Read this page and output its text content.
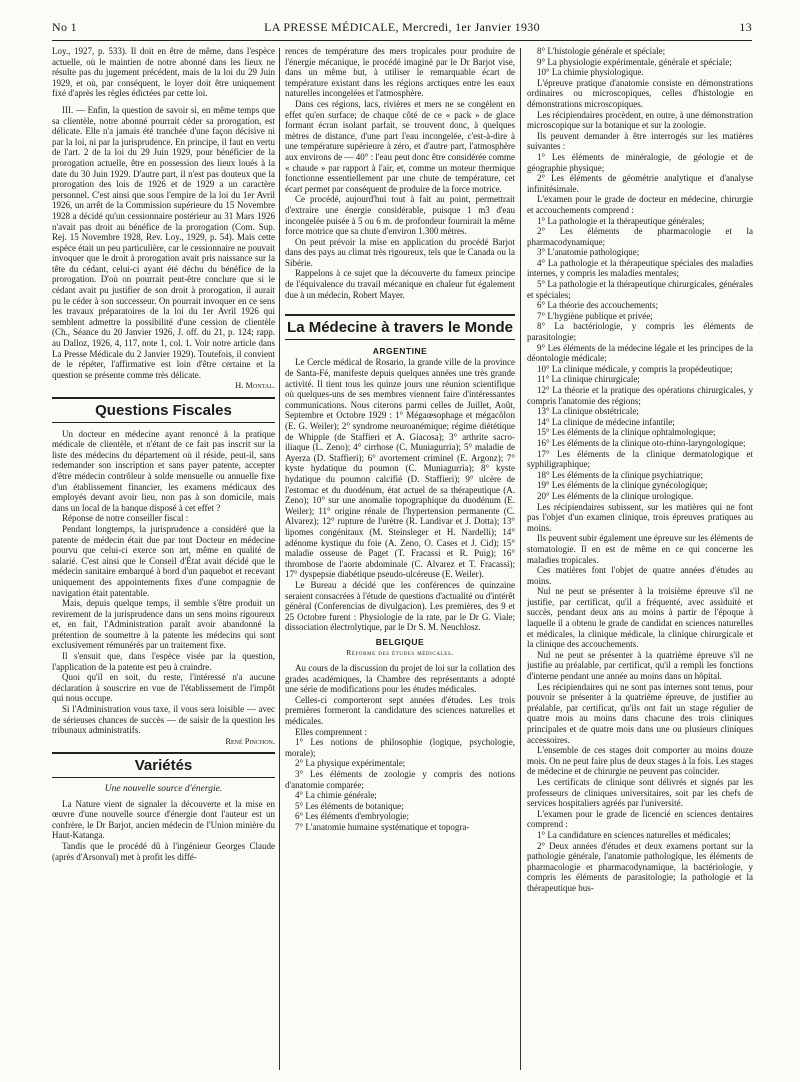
No 1	LA PRESSE MÉDICALE, Mercredi, 1er Janvier 1930	13

Loy., 1927, p. 533). Il doit en être de même, dans l'espèce actuelle, où le maintien de notre abonné dans les lieux ne résulte pas du jugement précédent, mais de la loi du 29 Juin 1929, et où, par conséquent, le loyer doit être uniquement fixé d'après les règles édictées par cette loi.

III. — Enfin, la question de savoir si, en même temps que sa clientèle, notre abonné pourrait céder sa prorogation, est délicate. Elle n'a jamais été tranchée d'une façon décisive ni par la loi, ni par la jurisprudence. En principe, il faut en vertu de l'art. 2 de la loi du 29 Juin 1929, pour bénéficier de la prorogation actuelle, être en possession des lieux loués à la date du 30 Juin 1929. D'autre part, il n'est pas douteux que la prorogation des lois de 1926 et de 1929 a un caractère personnel. C'est ainsi que sous l'empire de la loi du 1er Avril 1926, un arrêt de la Commission supérieure du 15 Novembre 1928 a décidé qu'un cessionnaire postérieur au 31 Mars 1926 n'avait pas droit au bénéfice de la prorogation (Com. Sup. Rej. 15 Novembre 1928, Rev. Loy., 1929, p. 54). Mais cette espèce était un peu particulière, car le cessionnaire ne pouvait invoquer que le droit à prorogation avait pris naissance sur la tête du cédant, celui-ci ayant été déchu du bénéfice de la prorogation. D'où on pourrait peut-être conclure que si le cédant avait pu justifier de son droit à prorogation, il aurait pu le céder à son successeur. On pourrait invoquer en ce sens les travaux préparatoires de la loi du 1er Avril 1926 qui semblent admettre la possibilité d'une cession de clientèle (Ch., Séance du 20 Janvier 1926, J. off. du 21, p. 124; rapp. au Dalloz, 1926, 4, 117, note 1, col. 1. Voir notre article dans La Presse Médicale du 2 Janvier 1929). Toutefois, il convient de le répéter, l'affirmative est loin d'être certaine et la question se présente comme très délicate.

H. Montal.

Questions Fiscales

Un docteur en médecine ayant renoncé à la pratique médicale de clientèle, et n'étant de ce fait pas inscrit sur la liste des médecins du département où il réside, peut-il, sans redemander son inscription et sans payer patente, accepter d'être médecin contrôleur à solde mensuelle ou annuelle fixe d'un établissement financier, les examens médicaux des employés devant avoir lieu, non pas à son domicile, mais dans un local de la banque disposé à cet effet ?

Réponse de notre conseiller fiscal :

Pendant longtemps, la jurisprudence a considéré que la patente de médecin était due par tout Docteur en médecine pourvu que celui-ci exerce son art, même en qualité de salarié. C'est ainsi que le Conseil d'État avait décidé que le médecin sanitaire embarqué à bord d'un paquebot et recevant uniquement des appointements fixes d'une compagnie de navigation était patentable.

Mais, depuis quelque temps, il semble s'être produit un revirement de la jurisprudence dans un sens moins rigoureux et, en fait, l'Administration paraît avoir abandonné la prétention de soumettre à la patente les médecins qui sont exclusivement rémunérés par un traitement fixe.

Il s'ensuit que, dans l'espèce visée par la question, l'application de la patente est peu à craindre.

Quoi qu'il en soit, du reste, l'intéressé n'a aucune déclaration à souscrire en vue de l'établissement de l'impôt qui nous occupe.

Si l'Administration vous taxe, il vous sera loisible — avec de sérieuses chances de succès — de saisir de la question les tribunaux administratifs.

René Pinchon.

Variétés
Une nouvelle source d'énergie.

La Nature vient de signaler la découverte et la mise en œuvre d'une nouvelle source d'énergie dont l'auteur est un confrère, le Dr Barjot, ancien médecin de l'Union minière du Haut-Katanga.

Tandis que le procédé dû à l'ingénieur Georges Claude (après d'Arsonval) met à profit les diffé-

rences de température des mers tropicales pour produire de l'énergie mécanique, le procédé imaginé par le Dr Barjot vise, dans un même but, à utiliser le remarquable écart de température existant dans les régions arctiques entre les eaux naturelles incongelées et l'atmosphère.

Dans ces régions, lacs, rivières et mers ne se congèlent en effet qu'en surface; de chaque côté de ce « pack » de glace formant écran isolant parfait, se trouvent donc, à quelques mètres de distance, d'une part l'eau incongelée, c'est-à-dire à une température supérieure à zéro, et d'autre part, l'atmosphère aux environs de — 40° : l'eau peut donc être considérée comme « chaude » par rapport à l'air, et, comme un moteur thermique fonctionne essentiellement par une chute de température, cet écart permet par conséquent de produire de la force motrice.

Ce procédé, aujourd'hui tout à fait au point, permettrait d'extraire une énergie considérable, puisque 1 m3 d'eau incongelée puisée à 5 ou 6 m. de profondeur fournirait la même force motrice que sa chute d'environ 1.300 mètres.

On peut prévoir la mise en application du procédé Barjot dans des pays au climat très rigoureux, tels que le Canada ou la Sibérie.

Rappelons à ce sujet que la découverte du fameux principe de l'équivalence du travail mécanique en chaleur fut également due à un médecin, Robert Mayer.

La Médecine à travers le Monde
ARGENTINE

Le Cercle médical de Rosario, la grande ville de la province de Santa-Fé, manifeste depuis quelques années une très grande activité. Il tient tous les quinze jours une réunion scientifique où quelques-uns de ses membres viennent faire d'intéressantes communications. Nous citerons parmi celles de Juillet, Août, Septembre et Octobre 1929 : 1° Mégaœsophage et mégacôlon (E. G. Weiler); 2° syndrome neuroanémique; régime diététique de Whipple (de Staffieri et A. Giacosa); 3° arthrite sacro-iliaque (L. Zeno); 4° cirrhose (C. Muniagurria); 5° maladie de Ayerza (D. Staffieri); 6° avortement criminel (E. Argonz); 7° kyste hydatique du poumon (C. Muniagurria); 8° kyste hydatique du poumon calcifié (D. Staffieri); 9° ulcère de l'estomac et du duodénum, état actuel de sa thérapeutique (A. Zeno); 10° sur une anomalie topographique du duodénum (E. Weiler); 11° origine rénale de l'hypertension permanente (C. Alvarez); 12° rupture de l'urètre (R. Landivar et J. Dotta); 13° lipomes congénitaux (M. Steinsleger et H. Nardelli); 14° adénome kystique du foie (A. Zeno, O. Cases et J. Cid); 15° maladie osseuse de Paget (T. Fracassi et R. Puig); 16° thrombose de l'aorte abdominale (C. Alvarez et T. Fracassi); 17° dyspepsie diabétique pseudo-ulcéreuse (E. Weiler).

Le Bureau a décidé que les conférences de quinzaine seraient consacrées à l'étude de questions d'actualité ou d'intérêt général (Conferencias de divulgacion). Les premières, des 9 et 25 Octobre furent : Physiologie de la rate, par le Dr G. Viale; dissociation électrolytique, par le Dr S. M. Neuchlosz.

BELGIQUE
Réforme des études médicales.

Au cours de la discussion du projet de loi sur la collation des grades académiques, la Chambre des représentants a adopté une série de modifications pour les études médicales.

Celles-ci comporteront sept années d'études. Les trois premières formeront la candidature des sciences naturelles et médicales.

Elles comprennent :

1° Les notions de philosophie (logique, psychologie, morale);

2° La physique expérimentale;

3° Les éléments de zoologie y compris des notions d'anatomie comparée;

4° La chimie générale;

5° Les éléments de botanique;

6° Les éléments d'embryologie;

7° L'anatomie humaine systématique et topogra-

8° L'histologie générale et spéciale;

9° La physiologie expérimentale, générale et spéciale;

10° La chimie physiologique.

L'épreuve pratique d'anatomie consiste en démonstrations ordinaires ou microscopiques, celles d'histologie en démonstrations microscopiques.

Les récipiendaires procèdent, en outre, à une démonstration microscopique sur la botanique et sur la zoologie.

Ils peuvent demander à être interrogés sur les matières suivantes :

1° Les éléments de minéralogie, de géologie et de géographie physique;

2° Les éléments de géométrie analytique et d'analyse infinitésimale.

L'examen pour le grade de docteur en médecine, chirurgie et accouchements comprend :

1° La pathologie et la thérapeutique générales;

2° Les éléments de pharmacologie et la pharmacodynamique;

3° L'anatomie pathologique;

4° La pathologie et la thérapeutique spéciales des maladies internes, y compris les maladies mentales;

5° La pathologie et la thérapeutique chirurgicales, générales et spéciales;

6° La théorie des accouchements;

7° L'hygiène publique et privée;

8° La bactériologie, y compris les éléments de parasitologie;

9° Les éléments de la médecine légale et les principes de la déontologie médicale;

10° La clinique médicale, y compris la propédeutique;

11° La clinique chirurgicale;

12° La théorie et la pratique des opérations chirurgicales, y compris l'anatomie des régions;

13° La clinique obstétricale;

14° La clinique de médecine infantile;

15° Les éléments de la clinique ophtalmologique;

16° Les éléments de la clinique oto-rhino-laryngologique;

17° Les éléments de la clinique dermatologique et syphiligraphique;

18° Les éléments de la clinique psychiatrique;

19° Les éléments de la clinique gynécologique;

20° Les éléments de la clinique urologique.

Les récipiendaires subissent, sur les matières qui ne font pas l'objet d'un examen clinique, trois épreuves pratiques au moins.

Ils peuvent subir également une épreuve sur les éléments de stomatologie. Il en est de même en ce qui concerne les maladies tropicales.

Ces matières font l'objet de quatre années d'études au moins.

Nul ne peut se présenter à la troisième épreuve s'il ne justifie, par certificat, qu'il a fréquenté, avec assiduité et succès, pendant deux ans au moins à partir de l'époque à laquelle il a obtenu le grade de candidat en sciences naturelles et médicales, la clinique médicale, la clinique chirurgicale et la clinique des accouchements.

Nul ne peut se présenter à la quatrième épreuve s'il ne justifie au préalable, par certificat, qu'il a rempli les fonctions d'interne pendant une année au moins dans un hôpital.

Les récipiendaires qui ne sont pas internes sont tenus, pour pouvoir se présenter à la quatrième épreuve, de justifier au préalable, par certificat, qu'ils ont fait un stage régulier de quatre mois au moins dans chacune des trois cliniques principales et de quatre mois dans une ou plusieurs cliniques accessoires.

L'ensemble de ces stages doit comporter au moins douze mois. On ne peut faire plus de deux stages à la fois. Les stages de médecine et de chirurgie ne peuvent pas coïncider.

Les certificats de clinique sont délivrés et signés par les professeurs de cliniques universitaires, soit par les chefs de services hospitaliers agréés par l'université.

L'examen pour le grade de licencié en sciences dentaires comprend :

1° La candidature en sciences naturelles et médicales;

2° Deux années d'études et deux examens portant sur la pathologie générale, l'anatomie pathologique, les éléments de pharmacologie et pharmacodynamique, la bactériologie, y compris les éléments de parasitologie; la pathologie et la thérapeutique bus-
